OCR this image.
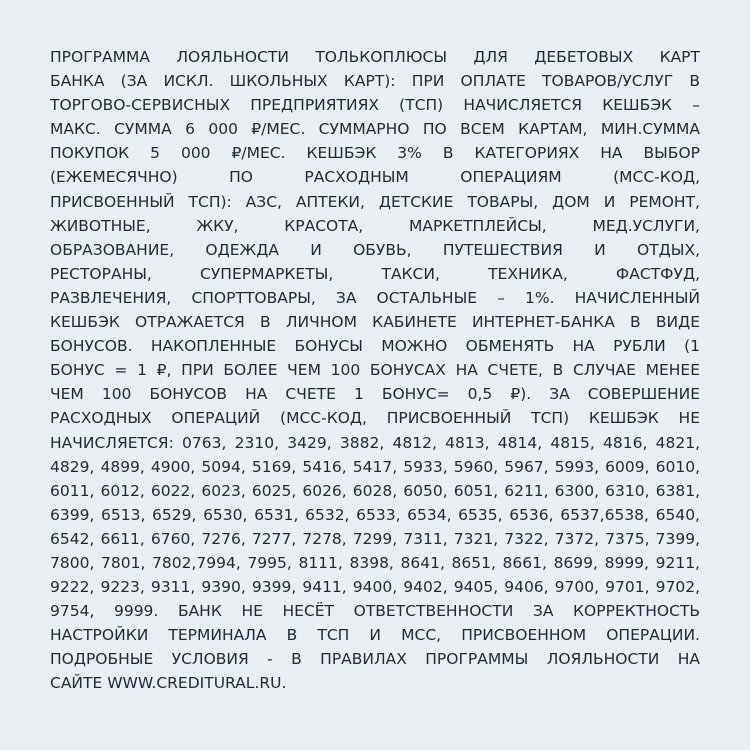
ПРОГРАММА ЛОЯЛЬНОСТИ ТОЛЬКОПЛЮСЫ ДЛЯ ДЕБЕТОВЫХ КАРТ
БАНКА (ЗА ИСКЛ. ШКОЛЬНЫХ КАРТ): ПРИ ОПЛАТЕ ТОВАРОВ/УСЛУГ В
ТОРГОВО-СЕРВИСНЫХ ПРЕДПРИЯТИЯХ (ТСП) НАЧИСЛЯЕТСЯ КЕШБЭК –
МАКС. СУММА 6 000 ₽/МЕС. СУММАРНО ПО ВСЕМ КАРТАМ, МИН.СУММА
ПОКУПОК 5 000 ₽/МЕС. КЕШБЭК 3% В КАТЕГОРИЯХ НА ВЫБОР
(ЕЖЕМЕСЯЧНО) ПО РАСХОДНЫМ ОПЕРАЦИЯМ (MCC-КОД,
ПРИСВОЕННЫЙ ТСП): АЗС, АПТЕКИ, ДЕТСКИЕ ТОВАРЫ, ДОМ И РЕМОНТ,
ЖИВОТНЫЕ, ЖКУ, КРАСОТА, МАРКЕТПЛЕЙСЫ, МЕД.УСЛУГИ,
ОБРАЗОВАНИЕ, ОДЕЖДА И ОБУВЬ, ПУТЕШЕСТВИЯ И ОТДЫХ,
РЕСТОРАНЫ, СУПЕРМАРКЕТЫ, ТАКСИ, ТЕХНИКА, ФАСТФУД,
РАЗВЛЕЧЕНИЯ, СПОРТТОВАРЫ, ЗА ОСТАЛЬНЫЕ – 1%. НАЧИСЛЕННЫЙ
КЕШБЭК ОТРАЖАЕТСЯ В ЛИЧНОМ КАБИНЕТЕ ИНТЕРНЕТ-БАНКА В ВИДЕ
БОНУСОВ. НАКОПЛЕННЫЕ БОНУСЫ МОЖНО ОБМЕНЯТЬ НА РУБЛИ (1
БОНУС = 1 ₽, ПРИ БОЛЕЕ ЧЕМ 100 БОНУСАХ НА СЧЕТЕ, В СЛУЧАЕ МЕНЕЕ
ЧЕМ 100 БОНУСОВ НА СЧЕТЕ 1 БОНУС= 0,5 ₽). ЗА СОВЕРШЕНИЕ
РАСХОДНЫХ ОПЕРАЦИЙ (MCC-КОД, ПРИСВОЕННЫЙ ТСП) КЕШБЭК НЕ
НАЧИСЛЯЕТСЯ: 0763, 2310, 3429, 3882, 4812, 4813, 4814, 4815, 4816, 4821,
4829, 4899, 4900, 5094, 5169, 5416, 5417, 5933, 5960, 5967, 5993, 6009, 6010,
6011, 6012, 6022, 6023, 6025, 6026, 6028, 6050, 6051, 6211, 6300, 6310, 6381,
6399, 6513, 6529, 6530, 6531, 6532, 6533, 6534, 6535, 6536, 6537,6538, 6540,
6542, 6611, 6760, 7276, 7277, 7278, 7299, 7311, 7321, 7322, 7372, 7375, 7399,
7800, 7801, 7802,7994, 7995, 8111, 8398, 8641, 8651, 8661, 8699, 8999, 9211,
9222, 9223, 9311, 9390, 9399, 9411, 9400, 9402, 9405, 9406, 9700, 9701, 9702,
9754, 9999. БАНК НЕ НЕСЁТ ОТВЕТСТВЕННОСТИ ЗА КОРРЕКТНОСТЬ
НАСТРОЙКИ ТЕРМИНАЛА В ТСП И MCC, ПРИСВОЕННОМ ОПЕРАЦИИ.
ПОДРОБНЫЕ УСЛОВИЯ - В ПРАВИЛАХ ПРОГРАММЫ ЛОЯЛЬНОСТИ НА
САЙТЕ WWW.CREDITURAL.RU.
